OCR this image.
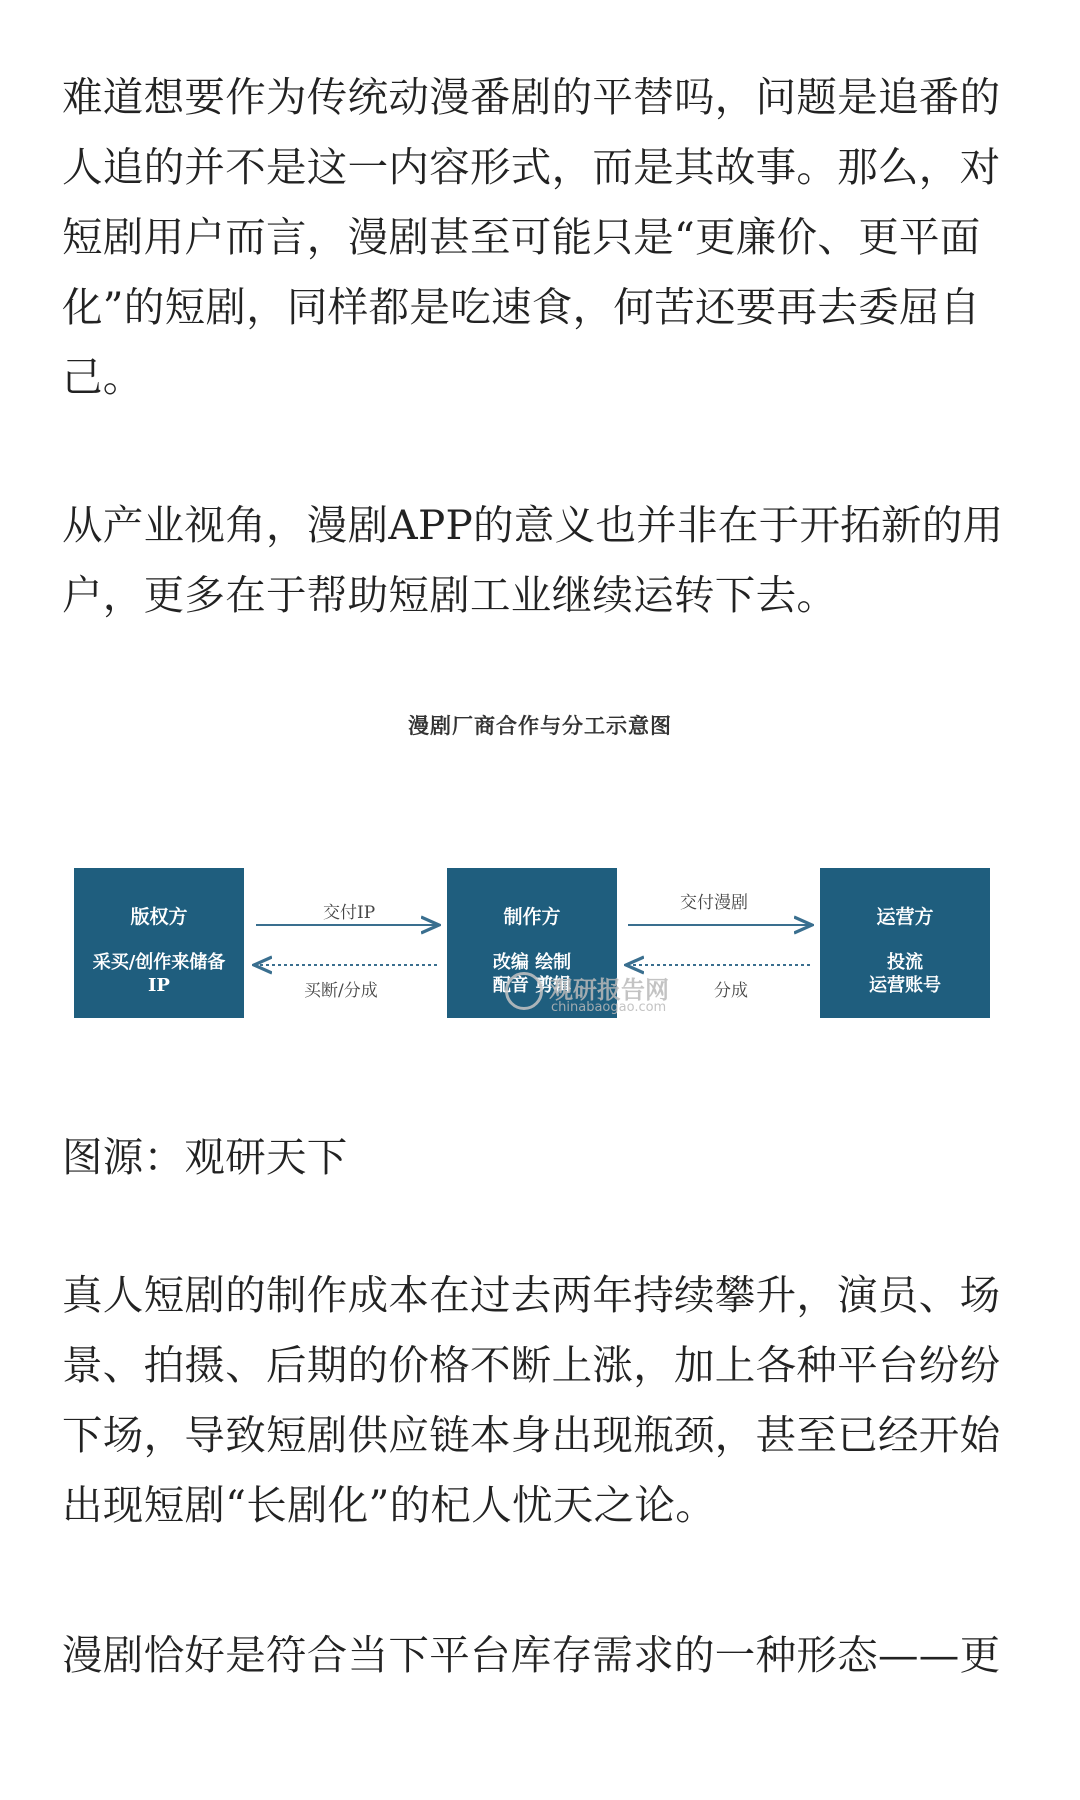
难道想要作为传统动漫番剧的平替吗，问题是追番的人追的并不是这一内容形式，而是其故事。那么，对短剧用户而言，漫剧甚至可能只是“更廉价、更平面化”的短剧，同样都是吃速食，何苦还要再去委屈自己。

从产业视角，漫剧APP的意义也并非在于开拓新的用户，更多在于帮助短剧工业继续运转下去。

漫剧厂商合作与分工示意图
交付IP
买断/分成
交付漫剧
分成
版权方
采买/创作来储备
IP
制作方
改编 绘制
配音 剪辑
运营方
投流
运营账号
观研报告网
chinabaogao.com

图源：观研天下

真人短剧的制作成本在过去两年持续攀升，演员、场景、拍摄、后期的价格不断上涨，加上各种平台纷纷下场，导致短剧供应链本身出现瓶颈，甚至已经开始出现短剧“长剧化”的杞人忧天之论。

漫剧恰好是符合当下平台库存需求的一种形态——更
